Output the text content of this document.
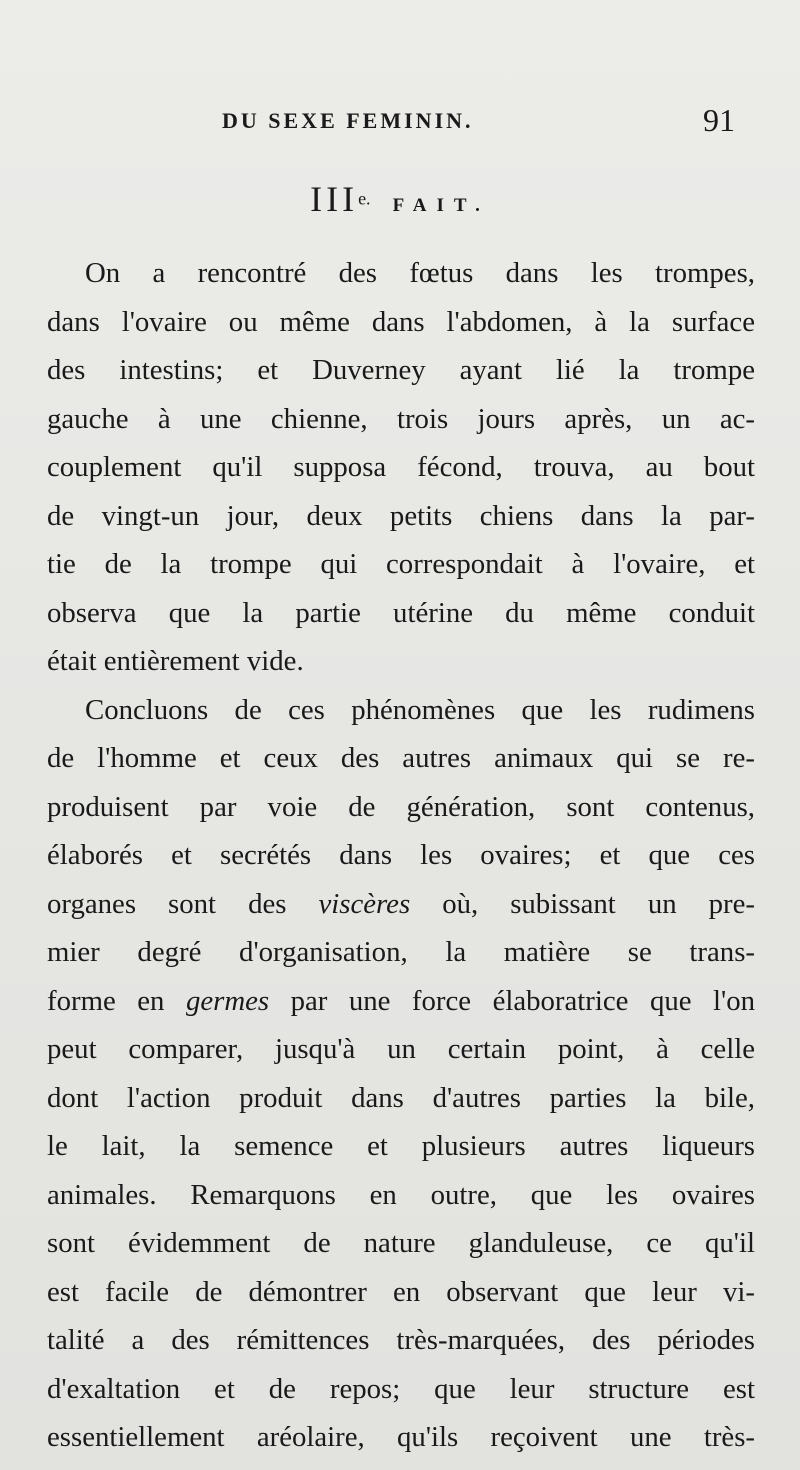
DU SEXE FEMININ.	91
IIIe. FAIT.
On a rencontré des fœtus dans les trompes,
dans l'ovaire ou même dans l'abdomen, à la surface
des intestins; et Duverney ayant lié la trompe
gauche à une chienne, trois jours après, un ac-
couplement qu'il supposa fécond, trouva, au bout
de vingt-un jour, deux petits chiens dans la par-
tie de la trompe qui correspondait à l'ovaire, et
observa que la partie utérine du même conduit
était entièrement vide.
Concluons de ces phénomènes que les rudimens
de l'homme et ceux des autres animaux qui se re-
produisent par voie de génération, sont contenus,
élaborés et secrétés dans les ovaires; et que ces
organes sont des viscères où, subissant un pre-
mier degré d'organisation, la matière se trans-
forme en germes par une force élaboratrice que l'on
peut comparer, jusqu'à un certain point, à celle
dont l'action produit dans d'autres parties la bile,
le lait, la semence et plusieurs autres liqueurs
animales. Remarquons en outre, que les ovaires
sont évidemment de nature glanduleuse, ce qu'il
est facile de démontrer en observant que leur vi-
talité a des rémittences très-marquées, des périodes
d'exaltation et de repos; que leur structure est
essentiellement aréolaire, qu'ils reçoivent une très-
